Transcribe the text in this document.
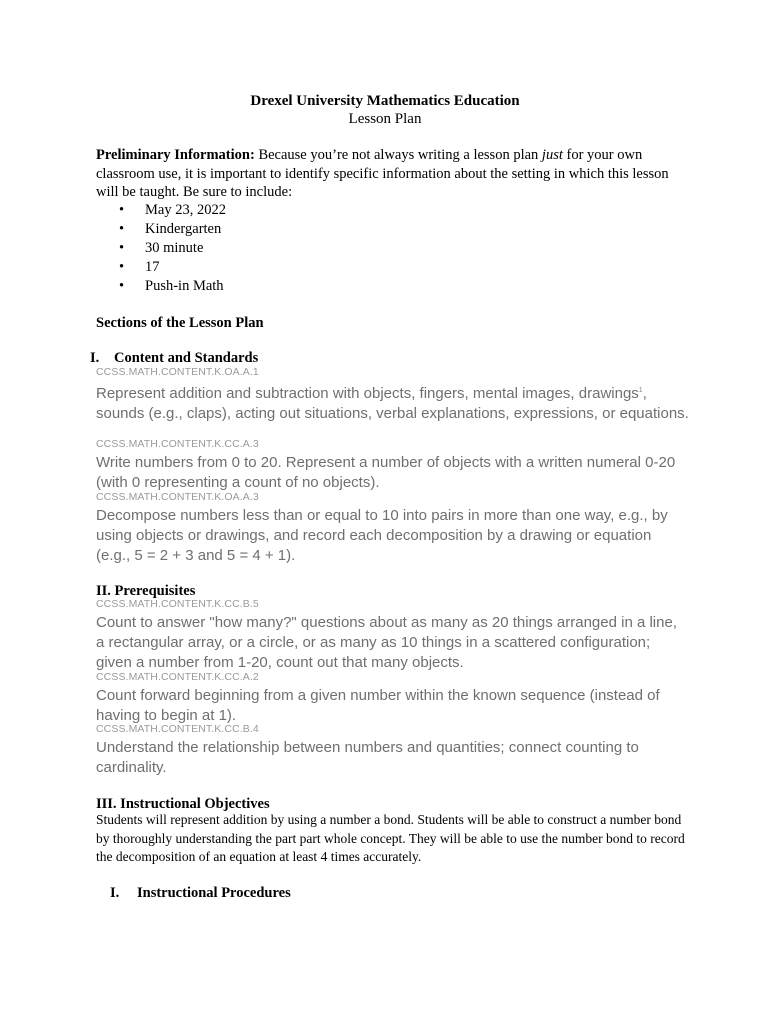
Drexel University Mathematics Education
Lesson Plan
Preliminary Information: Because you’re not always writing a lesson plan just for your own classroom use, it is important to identify specific information about the setting in which this lesson will be taught. Be sure to include:
• May 23, 2022
• Kindergarten
• 30 minute
• 17
• Push-in Math
Sections of the Lesson Plan
I. Content and Standards
CCSS.MATH.CONTENT.K.OA.A.1
Represent addition and subtraction with objects, fingers, mental images, drawings$^1$, sounds (e.g., claps), acting out situations, verbal explanations, expressions, or equations.
CCSS.MATH.CONTENT.K.CC.A.3
Write numbers from 0 to 20. Represent a number of objects with a written numeral 0-20 (with 0 representing a count of no objects).
CCSS.MATH.CONTENT.K.OA.A.3
Decompose numbers less than or equal to 10 into pairs in more than one way, e.g., by using objects or drawings, and record each decomposition by a drawing or equation (e.g., 5 = 2 + 3 and 5 = 4 + 1).
II. Prerequisites
CCSS.MATH.CONTENT.K.CC.B.5
Count to answer "how many?" questions about as many as 20 things arranged in a line, a rectangular array, or a circle, or as many as 10 things in a scattered configuration; given a number from 1-20, count out that many objects.
CCSS.MATH.CONTENT.K.CC.A.2
Count forward beginning from a given number within the known sequence (instead of having to begin at 1).
CCSS.MATH.CONTENT.K.CC.B.4
Understand the relationship between numbers and quantities; connect counting to cardinality.
III. Instructional Objectives
Students will represent addition by using a number a bond. Students will be able to construct a number bond by thoroughly understanding the part part whole concept. They will be able to use the number bond to record the decomposition of an equation at least 4 times accurately.
I. Instructional Procedures
